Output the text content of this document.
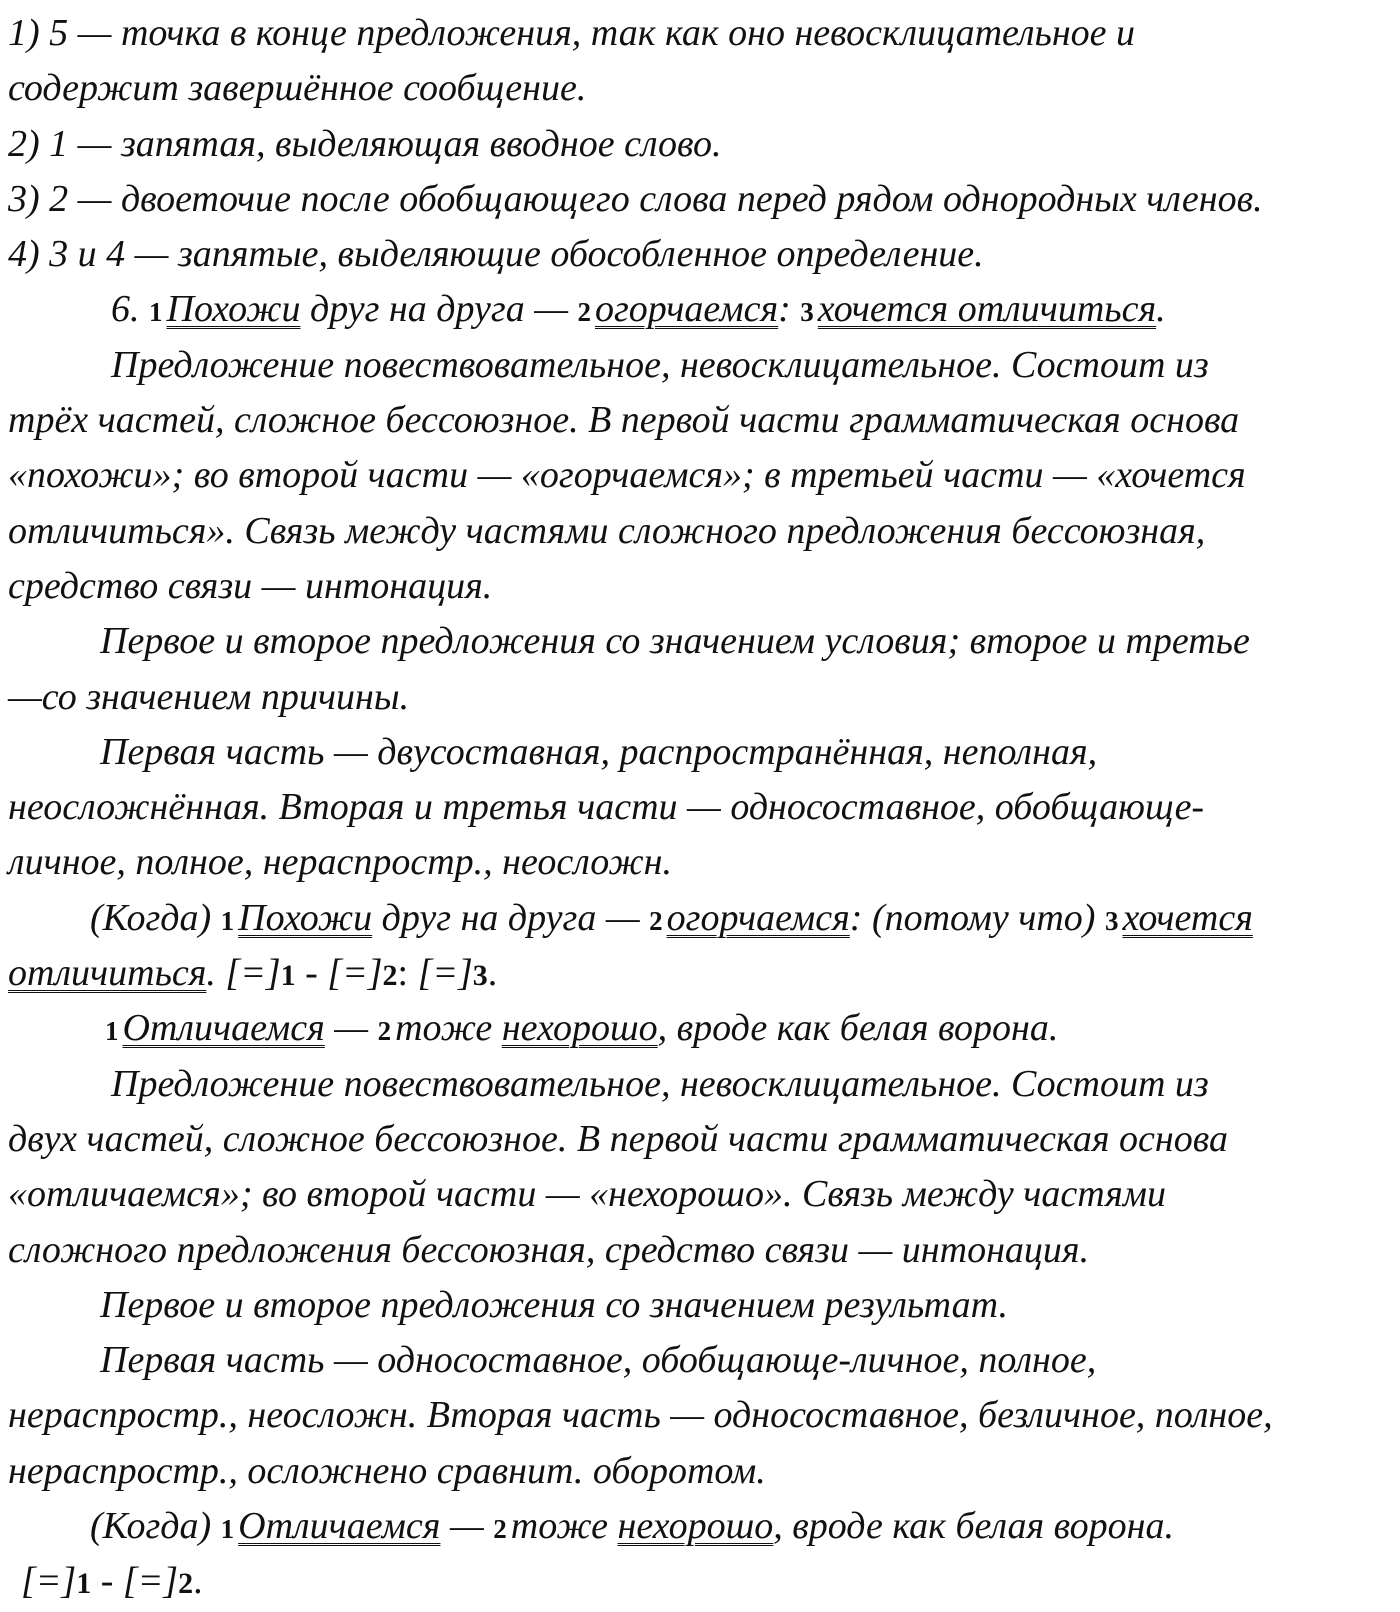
1) 5 — точка в конце предложения, так как оно невосклицательное и
содержит завершённое сообщение.
2) 1 — запятая, выделяющая вводное слово.
3) 2 — двоеточие после обобщающего слова перед рядом однородных членов.
4) 3 и 4 — запятые, выделяющие обособленное определение.
6. 1 Похожи друг на друга — 2 огорчаемся: 3 хочется отличиться.
Предложение повествовательное, невосклицательное. Состоит из
трёх частей, сложное бессоюзное. В первой части грамматическая основа
«похожи»; во второй части — «огорчаемся»; в третьей части — «хочется
отличиться». Связь между частями сложного предложения бессоюзная,
средство связи — интонация.
Первое и второе предложения со значением условия; второе и третье
—со значением причины.
Первая часть — двусоставная, распространённая, неполная,
неосложнённая. Вторая и третья части — односоставное, обобщающе-
личное, полное, нераспростр., неосложн.
(Когда) 1 Похожи друг на друга — 2 огорчаемся: (потому что) 3 хочется
отличиться. [=]1 - [=]2: [=]3.
1 Отличаемся — 2 тоже нехорошо, вроде как белая ворона.
Предложение повествовательное, невосклицательное. Состоит из
двух частей, сложное бессоюзное. В первой части грамматическая основа
«отличаемся»; во второй части — «нехорошо». Связь между частями
сложного предложения бессоюзная, средство связи — интонация.
Первое и второе предложения со значением результат.
Первая часть — односоставное, обобщающе-личное, полное,
нераспростр., неосложн. Вторая часть — односоставное, безличное, полное,
нераспростр., осложнено сравнит. оборотом.
(Когда) 1 Отличаемся — 2 тоже нехорошо, вроде как белая ворона.
[=]1 - [=]2.
